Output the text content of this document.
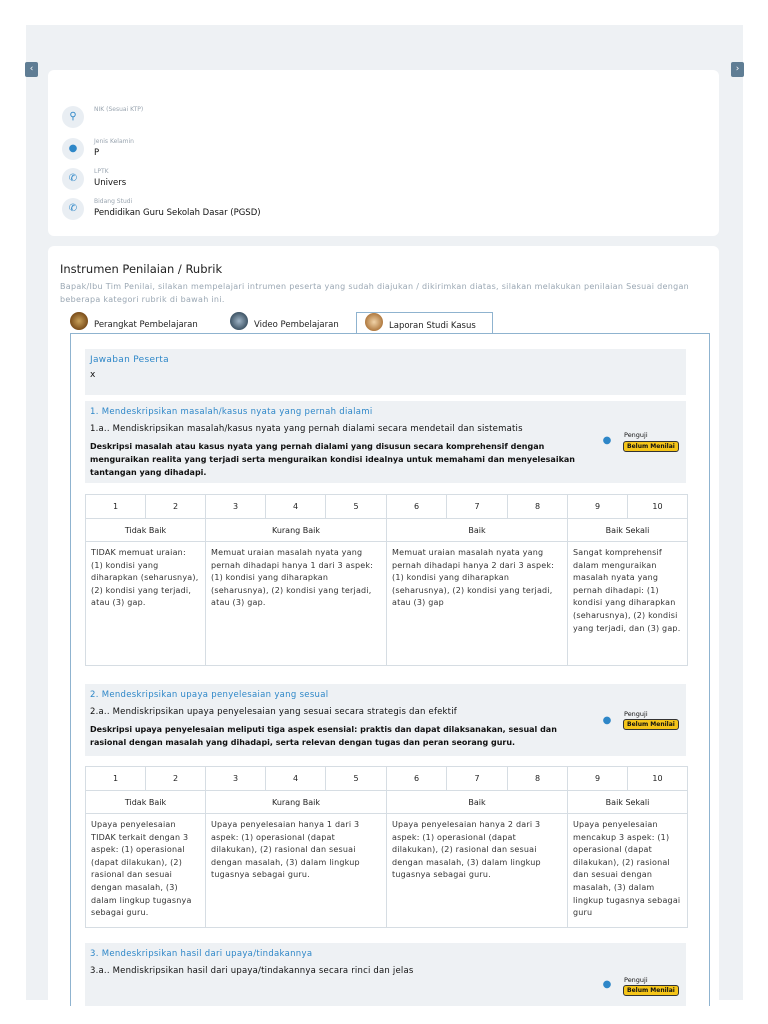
‹	›
⚲
NIK (Sesuai KTP)
●
Jenis Kelamin
P
✆
LPTK
Univers
✆
Bidang Studi
Pendidikan Guru Sekolah Dasar (PGSD)
Instrumen Penilaian / Rubrik
Bapak/Ibu Tim Penilai, silakan mempelajari intrumen peserta yang sudah diajukan / dikirimkan diatas, silakan melakukan penilaian Sesuai dengan beberapa kategori rubrik di bawah ini.
Perangkat Pembelajaran	Video Pembelajaran	Laporan Studi Kasus
Jawaban Peserta
x
1. Mendeskripsikan masalah/kasus nyata yang pernah dialami
1.a.. Mendiskripsikan masalah/kasus nyata yang pernah dialami secara mendetail dan sistematis
Deskripsi masalah atau kasus nyata yang pernah dialami yang disusun secara komprehensif dengan menguraikan realita yang terjadi serta menguraikan kondisi idealnya untuk memahami dan menyelesaikan tantangan yang dihadapi.
●	Penguji
Belum Menilai
1	2	3	4	5	6	7	8	9	10
Tidak Baik		Kurang Baik			Baik			Baik Sekali	
TIDAK memuat uraian: (1) kondisi yang diharapkan (seharusnya), (2) kondisi yang terjadi, atau (3) gap.		Memuat uraian masalah nyata yang pernah dihadapi hanya 1 dari 3 aspek: (1) kondisi yang diharapkan (seharusnya), (2) kondisi yang terjadi, atau (3) gap.			Memuat uraian masalah nyata yang pernah dihadapi hanya 2 dari 3 aspek: (1) kondisi yang diharapkan (seharusnya), (2) kondisi yang terjadi, atau (3) gap			Sangat komprehensif dalam menguraikan masalah nyata yang pernah dihadapi: (1) kondisi yang diharapkan (seharusnya), (2) kondisi yang terjadi, dan (3) gap.	
2. Mendeskripsikan upaya penyelesaian yang sesual
2.a.. Mendiskripsikan upaya penyelesaian yang sesuai secara strategis dan efektif
Deskripsi upaya penyelesaian meliputi tiga aspek esensial: praktis dan dapat dilaksanakan, sesual dan rasional dengan masalah yang dihadapi, serta relevan dengan tugas dan peran seorang guru.
●
Penguji
Belum Menilai
1	2	3	4	5	6	7	8	9	10
Tidak Baik		Kurang Baik			Baik			Baik Sekali	
Upaya penyelesaian TIDAK terkait dengan 3 aspek: (1) operasional (dapat dilakukan), (2) rasional dan sesuai dengan masalah, (3) dalam lingkup tugasnya sebagai guru.		Upaya penyelesaian hanya 1 dari 3 aspek: (1) operasional (dapat dilakukan), (2) rasional dan sesuai dengan masalah, (3) dalam lingkup tugasnya sebagai guru.			Upaya penyelesaian hanya 2 dari 3 aspek: (1) operasional (dapat dilakukan), (2) rasional dan sesuai dengan masalah, (3) dalam lingkup tugasnya sebagai guru.			Upaya penyelesaian mencakup 3 aspek: (1) operasional (dapat dilakukan), (2) rasional dan sesuai dengan masalah, (3) dalam lingkup tugasnya sebagai guru	
3. Mendeskripsikan hasil dari upaya/tindakannya
3.a.. Mendiskripsikan hasil dari upaya/tindakannya secara rinci dan jelas
●	Penguji
Belum Menilai
